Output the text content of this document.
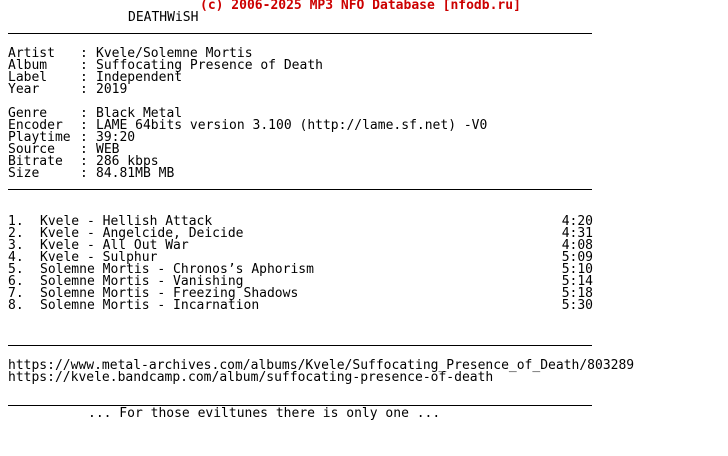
(c) 2006-2025 MP3 NFO Database [nfodb.ru]
DEATHWiSH
Artist : Kvele/Solemne Mortis
Album	: Suffocating Presence of Death
Label	: Independent
Year	: 2019
Genre	: Black Metal
Encoder : LAME 64bits version 3.100 (http://lame.sf.net) -V0
Playtime : 39:20
Source : WEB
Bitrate : 286 kbps
Size	: 84.81MB MB
1. Kvele - Hellish Attack	4:20
2. Kvele - Angelcide, Deicide	4:31
3. Kvele - All Out War	4:08
4. Kvele - Sulphur	5:09
5. Solemne Mortis - Chronos’s Aphorism	5:10
6. Solemne Mortis - Vanishing	5:14
7. Solemne Mortis - Freezing Shadows	5:18
8. Solemne Mortis - Incarnation	5:30
https://www.metal-archives.com/albums/Kvele/Suffocating_Presence_of_Death/803289
https://kvele.bandcamp.com/album/suffocating-presence-of-death
... For those eviltunes there is only one ...
